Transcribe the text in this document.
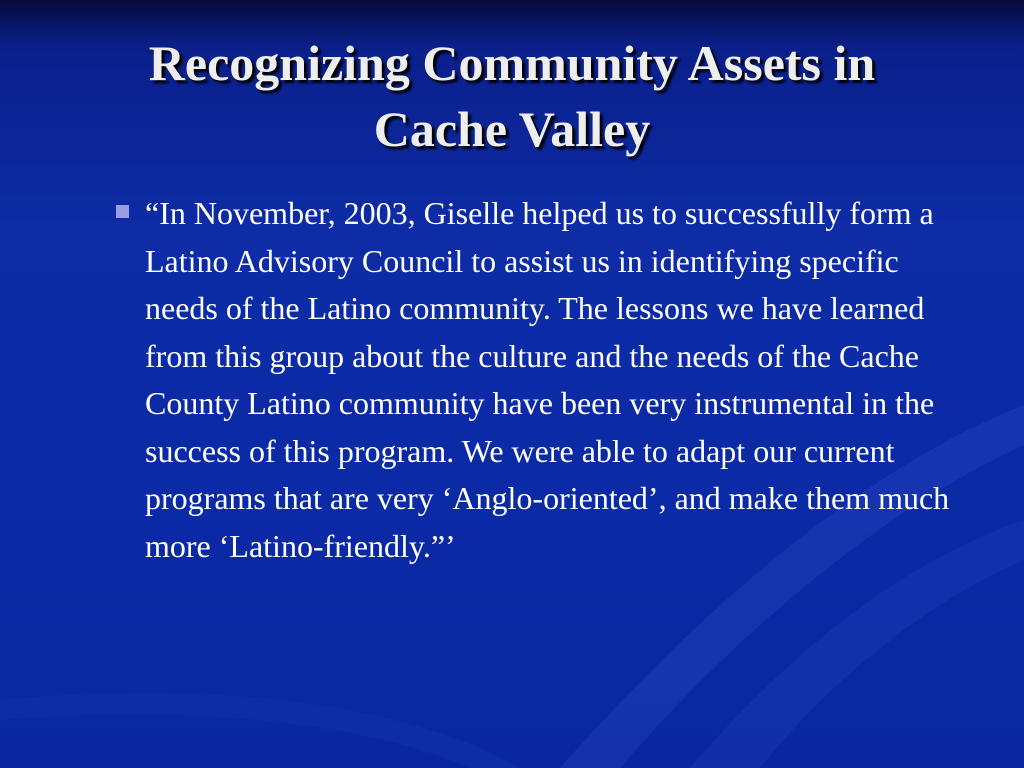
Recognizing Community Assets in
Cache Valley
“In November, 2003, Giselle helped us to successfully form a Latino Advisory Council to assist us in identifying specific needs of the Latino community. The lessons we have learned from this group about the culture and the needs of the Cache County Latino community have been very instrumental in the success of this program. We were able to adapt our current programs that are very ‘Anglo-oriented’, and make them much more ‘Latino-friendly.”’
